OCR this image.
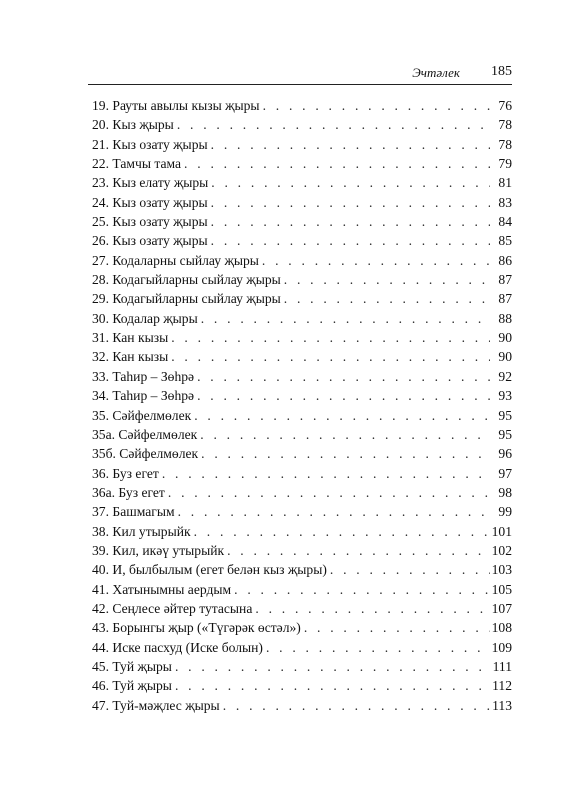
Эчтәлек 185
19. Рауты авылы кызы җыры . . .	76
20. Кыз җыры . . .	78
21. Кыз озату җыры . . .	78
22. Тамчы тама . . .	79
23. Кыз елату җыры . . .	81
24. Кыз озату җыры . . .	83
25. Кыз озату җыры . . .	84
26. Кыз озату җыры . . .	85
27. Кодаларны сыйлау җыры . . .	86
28. Кодагыйларны сыйлау җыры . . .	87
29. Кодагыйларны сыйлау җыры . . .	87
30. Кодалар җыры . . .	88
31. Кан кызы . . .	90
32. Кан кызы . . .	90
33. Таһир – Зөһрә . . .	92
34. Таһир – Зөһрә . . .	93
35. Сәйфелмөлек . . .	95
35а. Сәйфелмөлек . . .	95
35б. Сәйфелмөлек . . .	96
36. Буз егет . . .	97
36а. Буз егет . . .	98
37. Башмагым . . .	99
38. Кил утырыйк . . .	101
39. Кил, икәү утырыйк . . .	102
40. И, былбылым (егет белән кыз җыры) . . .	103
41. Хатынымны аердым . . .	105
42. Сеңлесе әйтер тутасына . . .	107
43. Борынгы җыр («Түгәрәк өстәл») . . .	108
44. Иске пасхуд (Иске болын) . . .	109
45. Туй җыры . . .	111
46. Туй җыры . . .	112
47. Туй-мәҗлес җыры . . .	113
